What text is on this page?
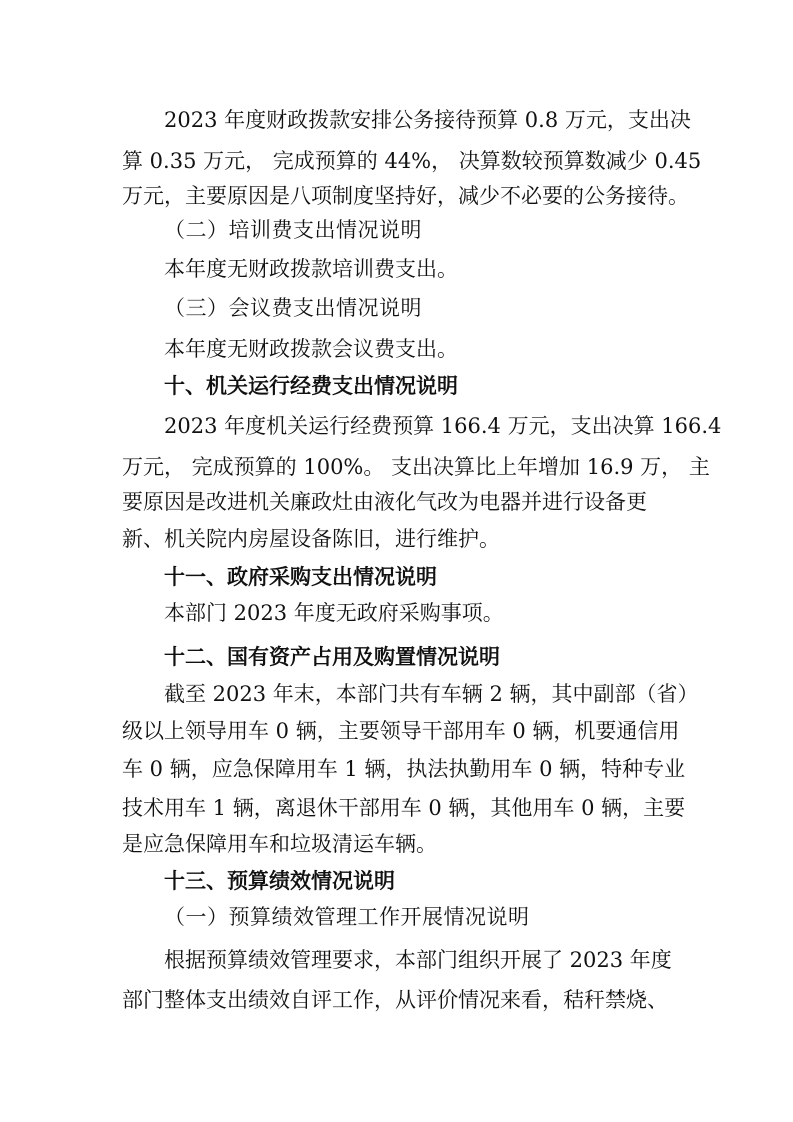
2023 年度财政拨款安排公务接待预算 0.8 万元，支出决
算 0.35 万元， 完成预算的 44%， 决算数较预算数减少 0.45
万元，主要原因是八项制度坚持好，减少不必要的公务接待。
（二）培训费支出情况说明
本年度无财政拨款培训费支出。
（三）会议费支出情况说明
本年度无财政拨款会议费支出。
十、机关运行经费支出情况说明
2023 年度机关运行经费预算 166.4 万元，支出决算 166.4
万元， 完成预算的 100%。 支出决算比上年增加 16.9 万， 主
要原因是改进机关廉政灶由液化气改为电器并进行设备更
新、机关院内房屋设备陈旧，进行维护。
十一、政府采购支出情况说明
本部门 2023 年度无政府采购事项。
十二、国有资产占用及购置情况说明
截至 2023 年末，本部门共有车辆 2 辆，其中副部（省）
级以上领导用车 0 辆，主要领导干部用车 0 辆，机要通信用
车 0 辆，应急保障用车 1 辆，执法执勤用车 0 辆，特种专业
技术用车 1 辆，离退休干部用车 0 辆，其他用车 0 辆，主要
是应急保障用车和垃圾清运车辆。
十三、预算绩效情况说明
（一）预算绩效管理工作开展情况说明
根据预算绩效管理要求，本部门组织开展了 2023 年度
部门整体支出绩效自评工作，从评价情况来看，秸秆禁烧、
